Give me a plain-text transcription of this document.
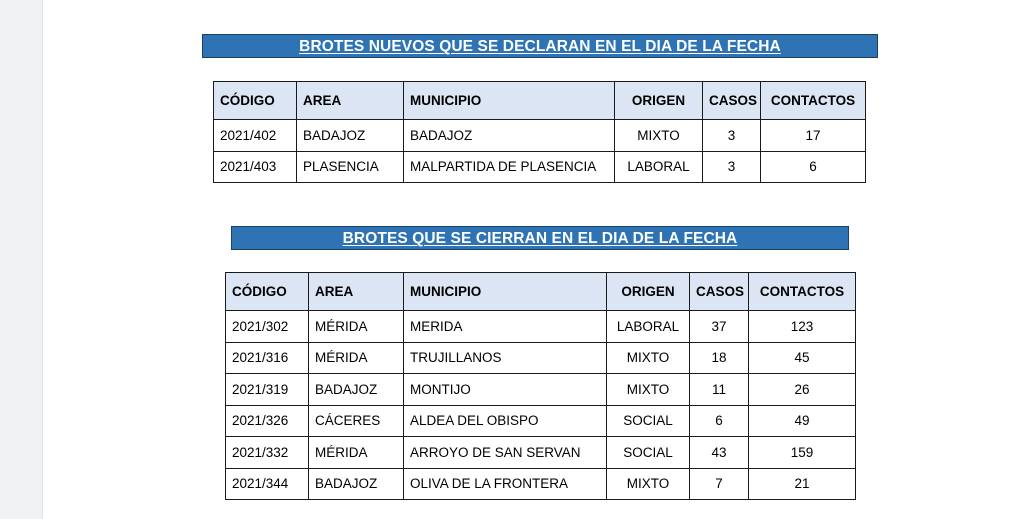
BROTES NUEVOS QUE SE DECLARAN EN EL DIA DE LA FECHA
CÓDIGO	AREA	MUNICIPIO	ORIGEN	CASOS	CONTACTOS
2021/402	BADAJOZ	BADAJOZ	MIXTO	3	17
2021/403	PLASENCIA	MALPARTIDA DE PLASENCIA	LABORAL	3	6
BROTES QUE SE CIERRAN EN EL DIA DE LA FECHA
CÓDIGO	AREA	MUNICIPIO	ORIGEN	CASOS	CONTACTOS
2021/302	MÉRIDA	MERIDA	LABORAL	37	123
2021/316	MÉRIDA	TRUJILLANOS	MIXTO	18	45
2021/319	BADAJOZ	MONTIJO	MIXTO	11	26
2021/326	CÁCERES	ALDEA DEL OBISPO	SOCIAL	6	49
2021/332	MÉRIDA	ARROYO DE SAN SERVAN	SOCIAL	43	159
2021/344	BADAJOZ	OLIVA DE LA FRONTERA	MIXTO	7	21
